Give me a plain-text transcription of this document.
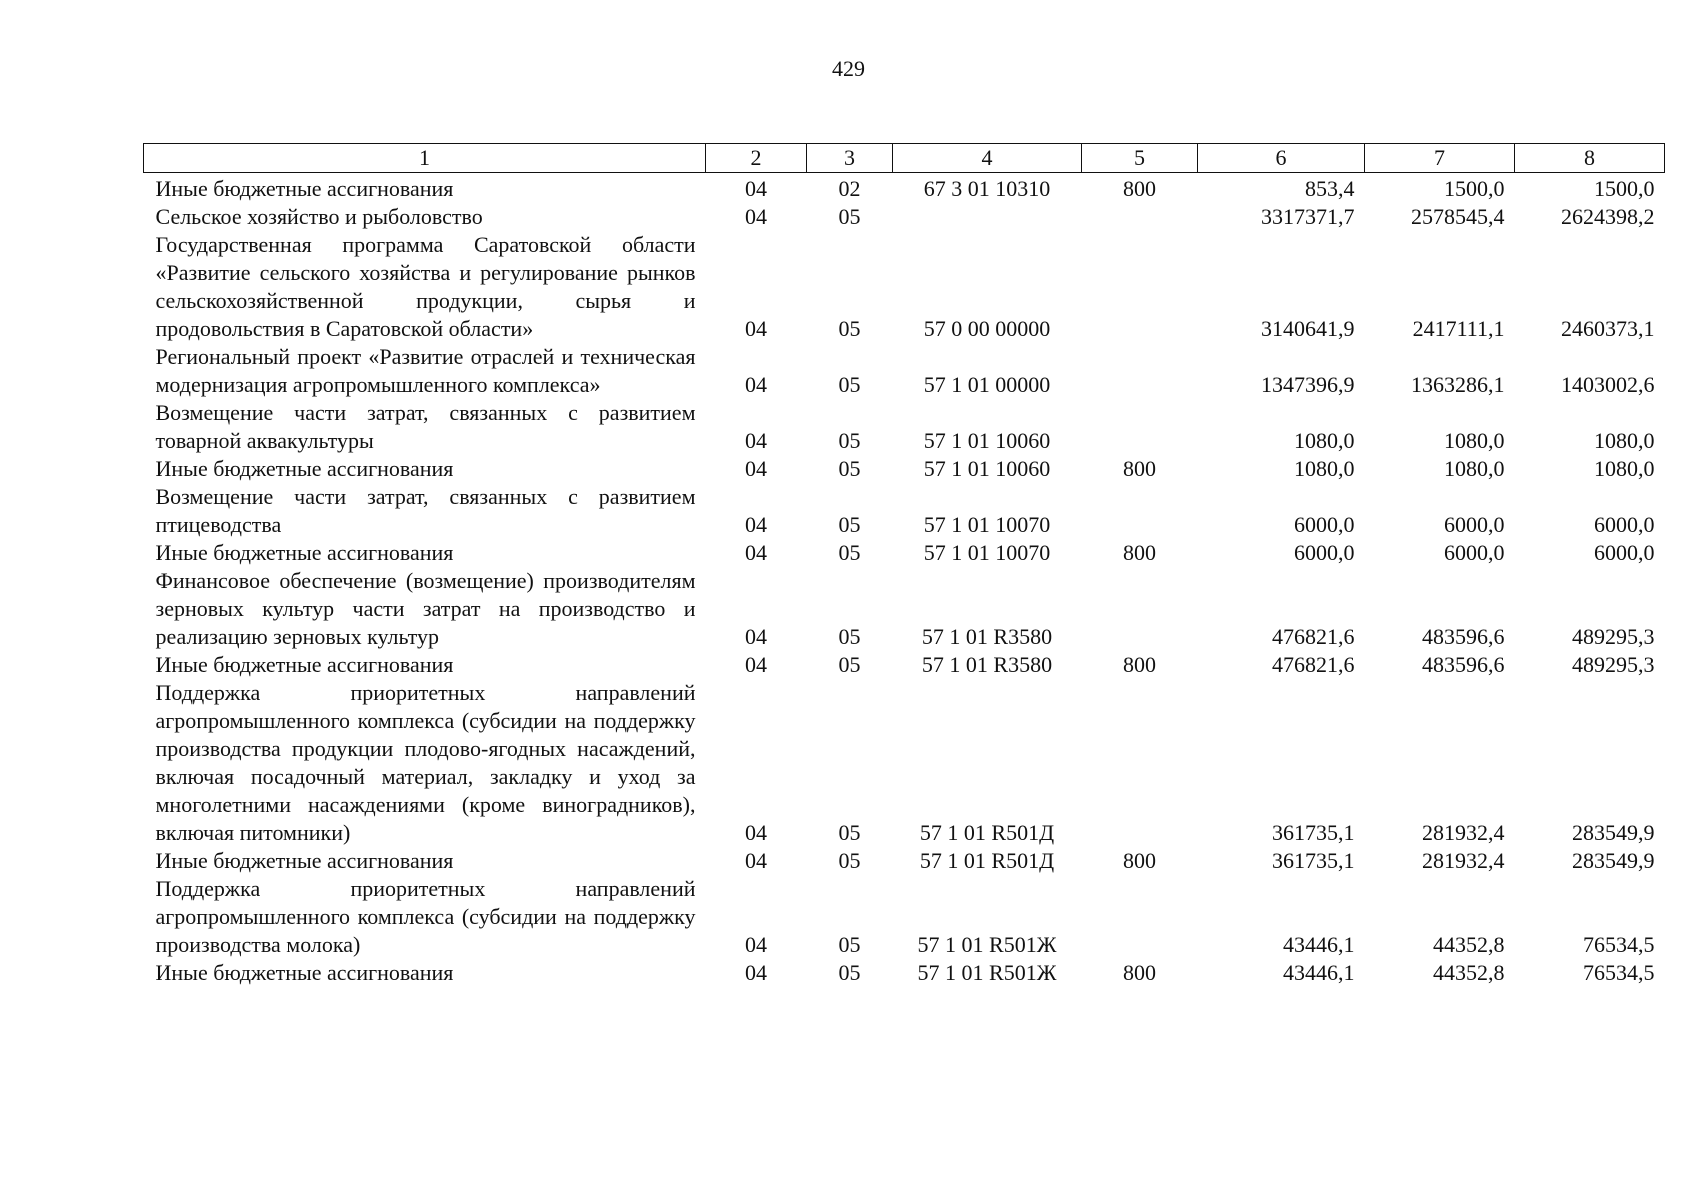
429
1	2	3	4	5	6	7	8
Иные бюджетные ассигнования	04	02	67 3 01 10310	800	853,4	1500,0	1500,0
Сельское хозяйство и рыболовство	04	05			3317371,7	2578545,4	2624398,2
Государственная программа Саратовской области «Развитие сельского хозяйства и регулирование рынков сельскохозяйственной продукции, сырья и продовольствия в Саратовской области»	04	05	57 0 00 00000		3140641,9	2417111,1	2460373,1
Региональный проект «Развитие отраслей и техническая модернизация агропромышленного комплекса»	04	05	57 1 01 00000		1347396,9	1363286,1	1403002,6
Возмещение части затрат, связанных с развитием товарной аквакультуры	04	05	57 1 01 10060		1080,0	1080,0	1080,0
Иные бюджетные ассигнования	04	05	57 1 01 10060	800	1080,0	1080,0	1080,0
Возмещение части затрат, связанных с развитием птицеводства	04	05	57 1 01 10070		6000,0	6000,0	6000,0
Иные бюджетные ассигнования	04	05	57 1 01 10070	800	6000,0	6000,0	6000,0
Финансовое обеспечение (возмещение) производителям зерновых культур части затрат на производство и реализацию зерновых культур	04	05	57 1 01 R3580		476821,6	483596,6	489295,3
Иные бюджетные ассигнования	04	05	57 1 01 R3580	800	476821,6	483596,6	489295,3
Поддержка приоритетных направлений агропромышленного комплекса (субсидии на поддержку производства продукции плодово-ягодных насаждений, включая посадочный материал, закладку и уход за многолетними насаждениями (кроме виноградников), включая питомники)	04	05	57 1 01 R501Д		361735,1	281932,4	283549,9
Иные бюджетные ассигнования	04	05	57 1 01 R501Д	800	361735,1	281932,4	283549,9
Поддержка приоритетных направлений агропромышленного комплекса (субсидии на поддержку производства молока)	04	05	57 1 01 R501Ж		43446,1	44352,8	76534,5
Иные бюджетные ассигнования	04	05	57 1 01 R501Ж	800	43446,1	44352,8	76534,5
